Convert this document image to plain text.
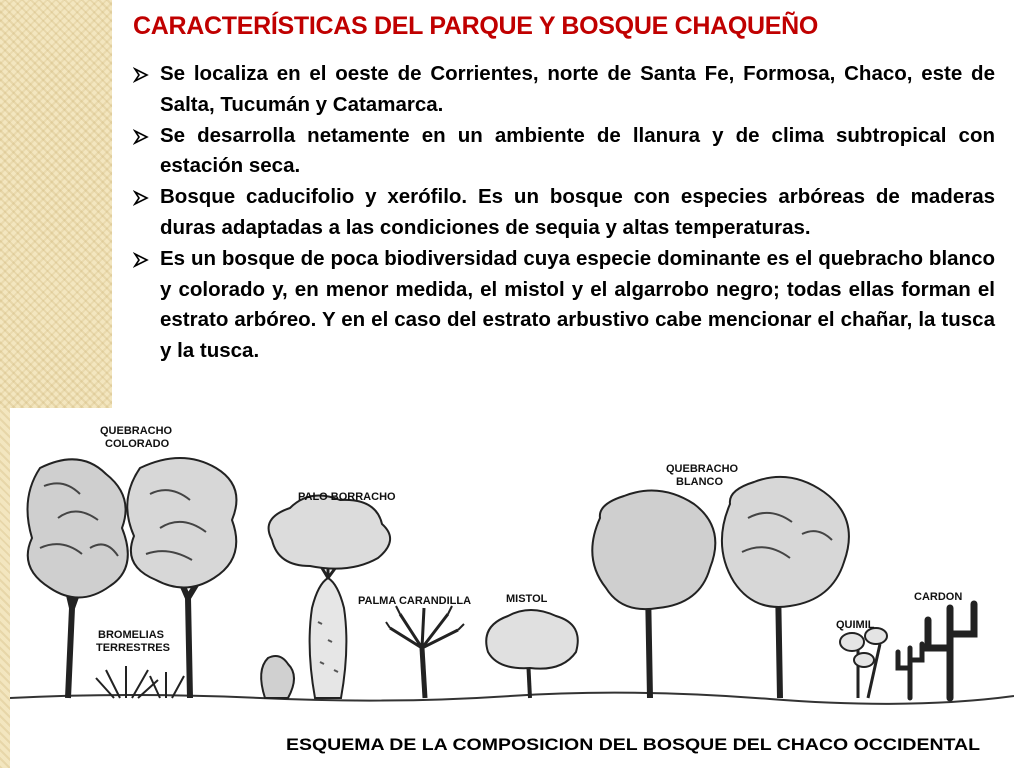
CARACTERÍSTICAS DEL PARQUE Y BOSQUE CHAQUEÑO
Se localiza en el oeste de Corrientes, norte de Santa Fe, Formosa, Chaco, este de Salta, Tucumán y Catamarca.
Se desarrolla netamente en un ambiente de llanura y de clima subtropical con estación seca.
Bosque caducifolio y xerófilo. Es un bosque con especies arbóreas de maderas duras adaptadas a las condiciones de sequia y altas temperaturas.
Es un bosque de poca biodiversidad cuya especie dominante es el quebracho blanco y colorado y, en menor medida, el mistol y el algarrobo negro; todas ellas forman el estrato arbóreo. Y en el caso del estrato arbustivo cabe mencionar el chañar, la tusca y la tusca.
QUEBRACHO
COLORADO
PALO BORRACHO
BROMELIAS
TERRESTRES
PALMA CARANDILLA	MISTOL
QUEBRACHO
BLANCO
QUIMIL
CARDON
ESQUEMA DE LA COMPOSICION DEL BOSQUE DEL CHACO OCCIDENTAL
